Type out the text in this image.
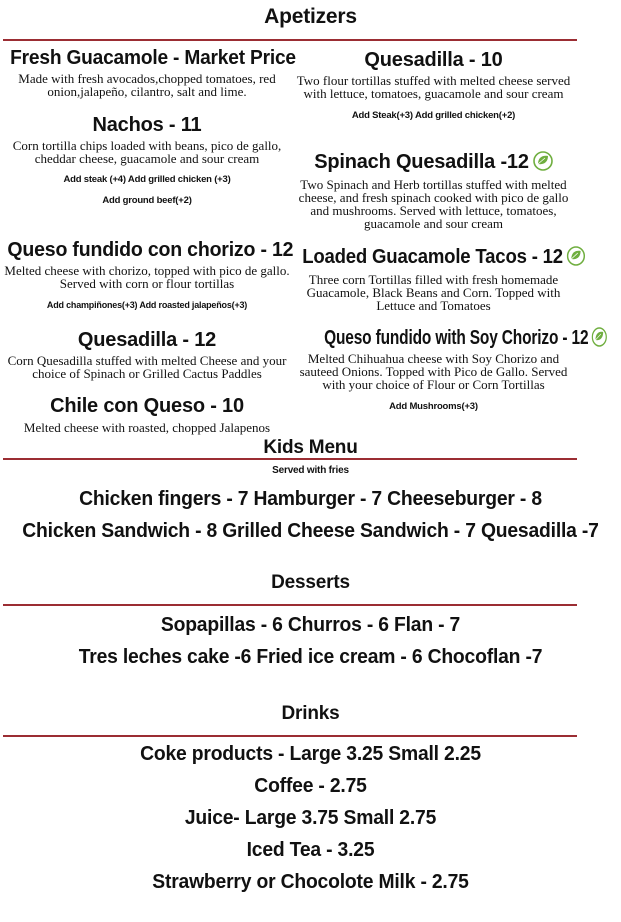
Apetizers

Fresh Guacamole - Market Price

Made with fresh avocados,chopped tomatoes, red onion,jalapeño, cilantro, salt and lime.

Nachos - 11

Corn tortilla chips loaded with beans, pico de gallo, cheddar cheese, guacamole and sour cream

Add steak (+4) Add grilled chicken (+3)

Add ground beef(+2)

Queso fundido con chorizo - 12

Melted cheese with chorizo, topped with pico de gallo. Served with corn or flour tortillas

Add champiñones(+3) Add roasted jalapeños(+3)

Quesadilla - 12

Corn Quesadilla stuffed with melted Cheese and your choice of Spinach or Grilled Cactus Paddles

Chile con Queso - 10

Melted cheese with roasted, chopped Jalapenos

Quesadilla - 10

Two flour tortillas stuffed with melted cheese served with lettuce, tomatoes, guacamole and sour cream

Add Steak(+3) Add grilled chicken(+2)

Spinach Quesadilla -12

Two Spinach and Herb tortillas stuffed with melted cheese, and fresh spinach cooked with pico de gallo and mushrooms. Served with lettuce, tomatoes, guacamole and sour cream

Loaded Guacamole Tacos - 12

Three corn Tortillas filled with fresh homemade Guacamole, Black Beans and Corn. Topped with Lettuce and Tomatoes

Queso fundido with Soy Chorizo - 12

Melted Chihuahua cheese with Soy Chorizo and sauteed Onions. Topped with Pico de Gallo. Served with your choice of Flour or Corn Tortillas

Add Mushrooms(+3)

Kids Menu
Served with fries
Chicken fingers - 7 Hamburger - 7 Cheeseburger - 8
Chicken Sandwich - 8 Grilled Cheese Sandwich - 7 Quesadilla -7
Desserts
Sopapillas - 6 Churros - 6 Flan - 7
Tres leches cake -6 Fried ice cream - 6 Chocoflan -7
Drinks
Coke products - Large 3.25 Small 2.25
Coffee - 2.75
Juice- Large 3.75 Small 2.75
Iced Tea - 3.25
Strawberry or Chocolote Milk - 2.75
